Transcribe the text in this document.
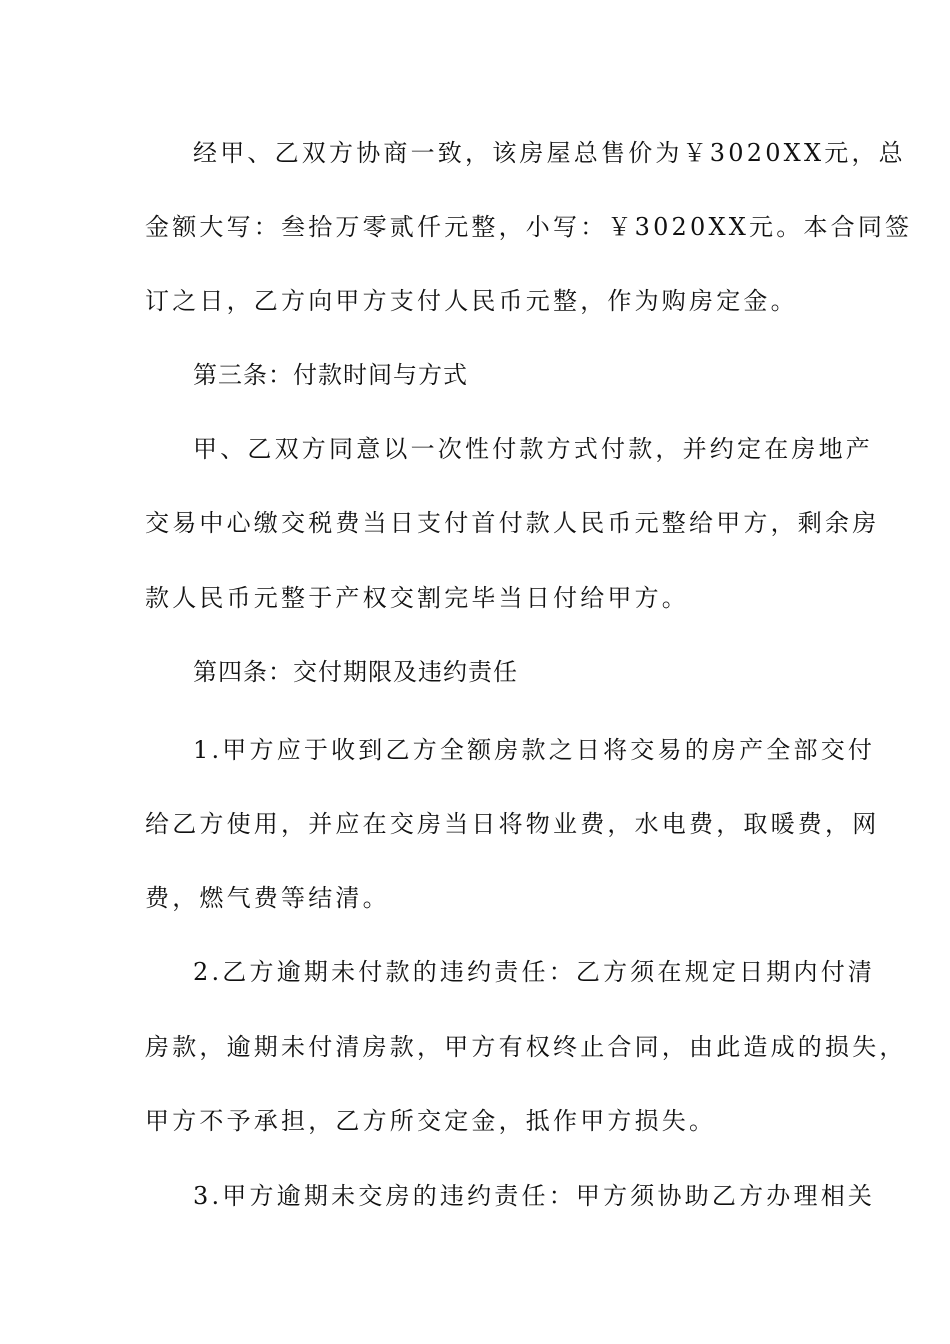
经甲、乙双方协商一致，该房屋总售价为￥3020XX元，总
金额大写：叁拾万零贰仟元整，小写：￥3020XX元。本合同签
订之日，乙方向甲方支付人民币元整，作为购房定金。
第三条：付款时间与方式
甲、乙双方同意以一次性付款方式付款，并约定在房地产
交易中心缴交税费当日支付首付款人民币元整给甲方，剩余房
款人民币元整于产权交割完毕当日付给甲方。
第四条：交付期限及违约责任
1.甲方应于收到乙方全额房款之日将交易的房产全部交付
给乙方使用，并应在交房当日将物业费，水电费，取暖费，网
费，燃气费等结清。
2.乙方逾期未付款的违约责任：乙方须在规定日期内付清
房款，逾期未付清房款，甲方有权终止合同，由此造成的损失，
甲方不予承担，乙方所交定金，抵作甲方损失。
3.甲方逾期未交房的违约责任：甲方须协助乙方办理相关
